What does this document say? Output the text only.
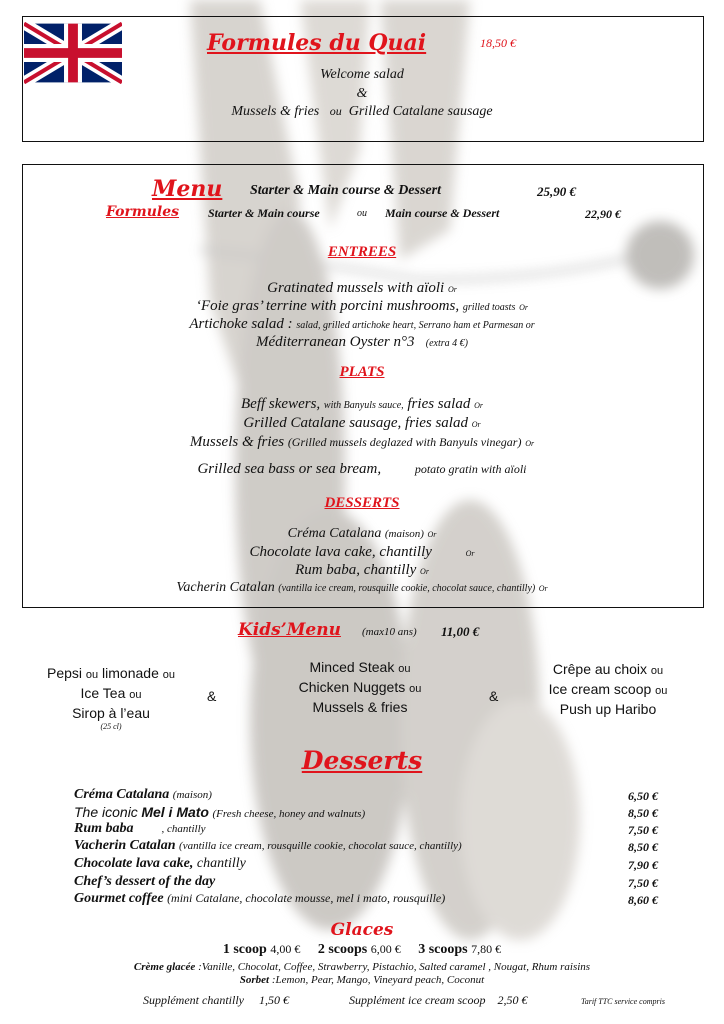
Formules du Quai	18,50 €
Welcome salad
&
Mussels & fries ou Grilled Catalane sausage
Menu Starter & Main course & Dessert	25,90 €
Formules Starter & Main course	ou Main course & Dessert	22,90 €
ENTREES
Gratinated mussels with aïoli Or
‘Foie gras’ terrine with porcini mushrooms, grilled toasts Or
Artichoke salad : salad, grilled artichoke heart, Serrano ham et Parmesan or
Méditerranean Oyster n°3 (extra 4 €)
PLATS
Beff skewers, with Banyuls sauce, fries salad Or
Grilled Catalane sausage, fries salad Or
Mussels & fries (Grilled mussels deglazed with Banyuls vinegar) Or
Grilled sea bass or sea bream,	potato gratin with aïoli
DESSERTS
Créma Catalana (maison) Or
Chocolate lava cake, chantilly	Or
Rum baba, chantilly Or
Vacherin Catalan (vantilla ice cream, rousquille cookie, chocolat sauce, chantilly) Or
Kids’Menu (max10 ans) 11,00 €
Pepsi ou limonade ou
Ice Tea ou
Sirop à l’eau
(25 cl)
&
Minced Steak ou
Chicken Nuggets ou
Mussels & fries
&
Crêpe au choix ou
Ice cream scoop ou
Push up Haribo
Desserts
Créma Catalana (maison)	6,50 €
The iconic Mel i Mato (Fresh cheese, honey and walnuts)	8,50 €
Rum baba	, chantilly	7,50 €
Vacherin Catalan (vantilla ice cream, rousquille cookie, chocolat sauce, chantilly)	8,50 €
Chocolate lava cake, chantilly	7,90 €
Chef’s dessert of the day	7,50 €
Gourmet coffee (mini Catalane, chocolate mousse, mel i mato, rousquille)	8,60 €
Glaces
1 scoop 4,00 € 2 scoops 6,00 € 3 scoops 7,80 €
Crème glacée :Vanille, Chocolat, Coffee, Strawberry, Pistachio, Salted caramel , Nougat, Rhum raisins
Sorbet :Lemon, Pear, Mango, Vineyard peach, Coconut
Supplément chantilly 1,50 €	Supplément ice cream scoop 2,50 €	Tarif TTC service compris
